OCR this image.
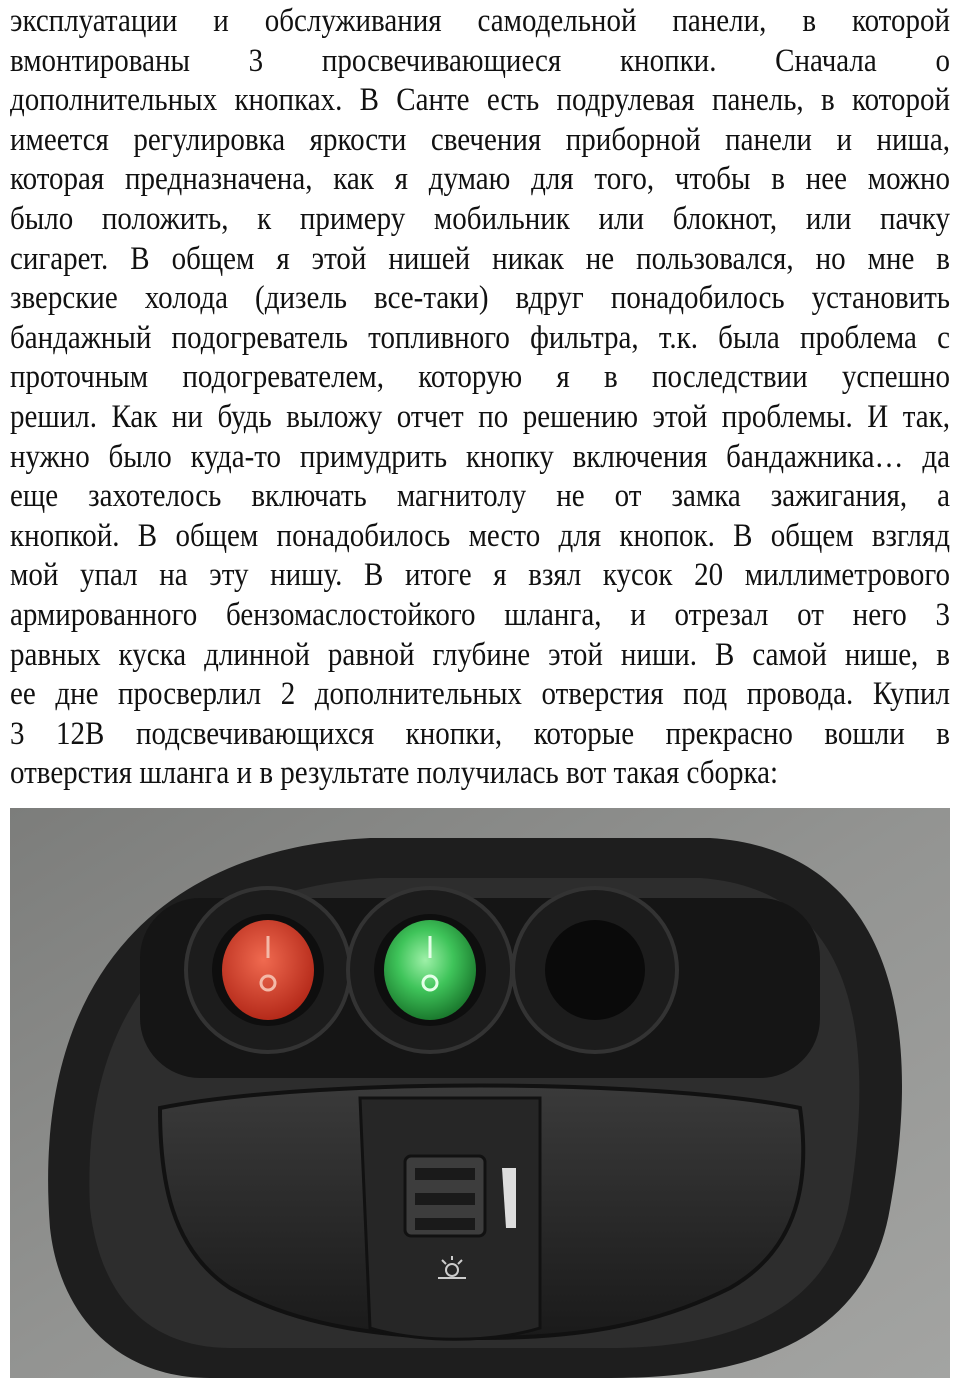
эксплуатации и обслуживания самодельной панели, в которой
вмонтированы 3 просвечивающиеся кнопки. Сначала о
дополнительных кнопках. В Санте есть подрулевая панель, в которой
имеется регулировка яркости свечения приборной панели и ниша,
которая предназначена, как я думаю для того, чтобы в нее можно
было положить, к примеру мобильник или блокнот, или пачку
сигарет. В общем я этой нишей никак не пользовался, но мне в
зверские холода (дизель все-таки) вдруг понадобилось установить
бандажный подогреватель топливного фильтра, т.к. была проблема с
проточным подогревателем, которую я в последствии успешно
решил. Как ни будь выложу отчет по решению этой проблемы. И так,
нужно было куда-то примудрить кнопку включения бандажника… да
еще захотелось включать магнитолу не от замка зажигания, а
кнопкой. В общем понадобилось место для кнопок. В общем взгляд
мой упал на эту нишу. В итоге я взял кусок 20 миллиметрового
армированного бензомаслостойкого шланга, и отрезал от него 3
равных куска длинной равной глубине этой ниши. В самой нише, в
ее дне просверлил 2 дополнительных отверстия под провода. Купил
3 12В подсвечивающихся кнопки, которые прекрасно вошли в
отверстия шланга и в результате получилась вот такая сборка:
